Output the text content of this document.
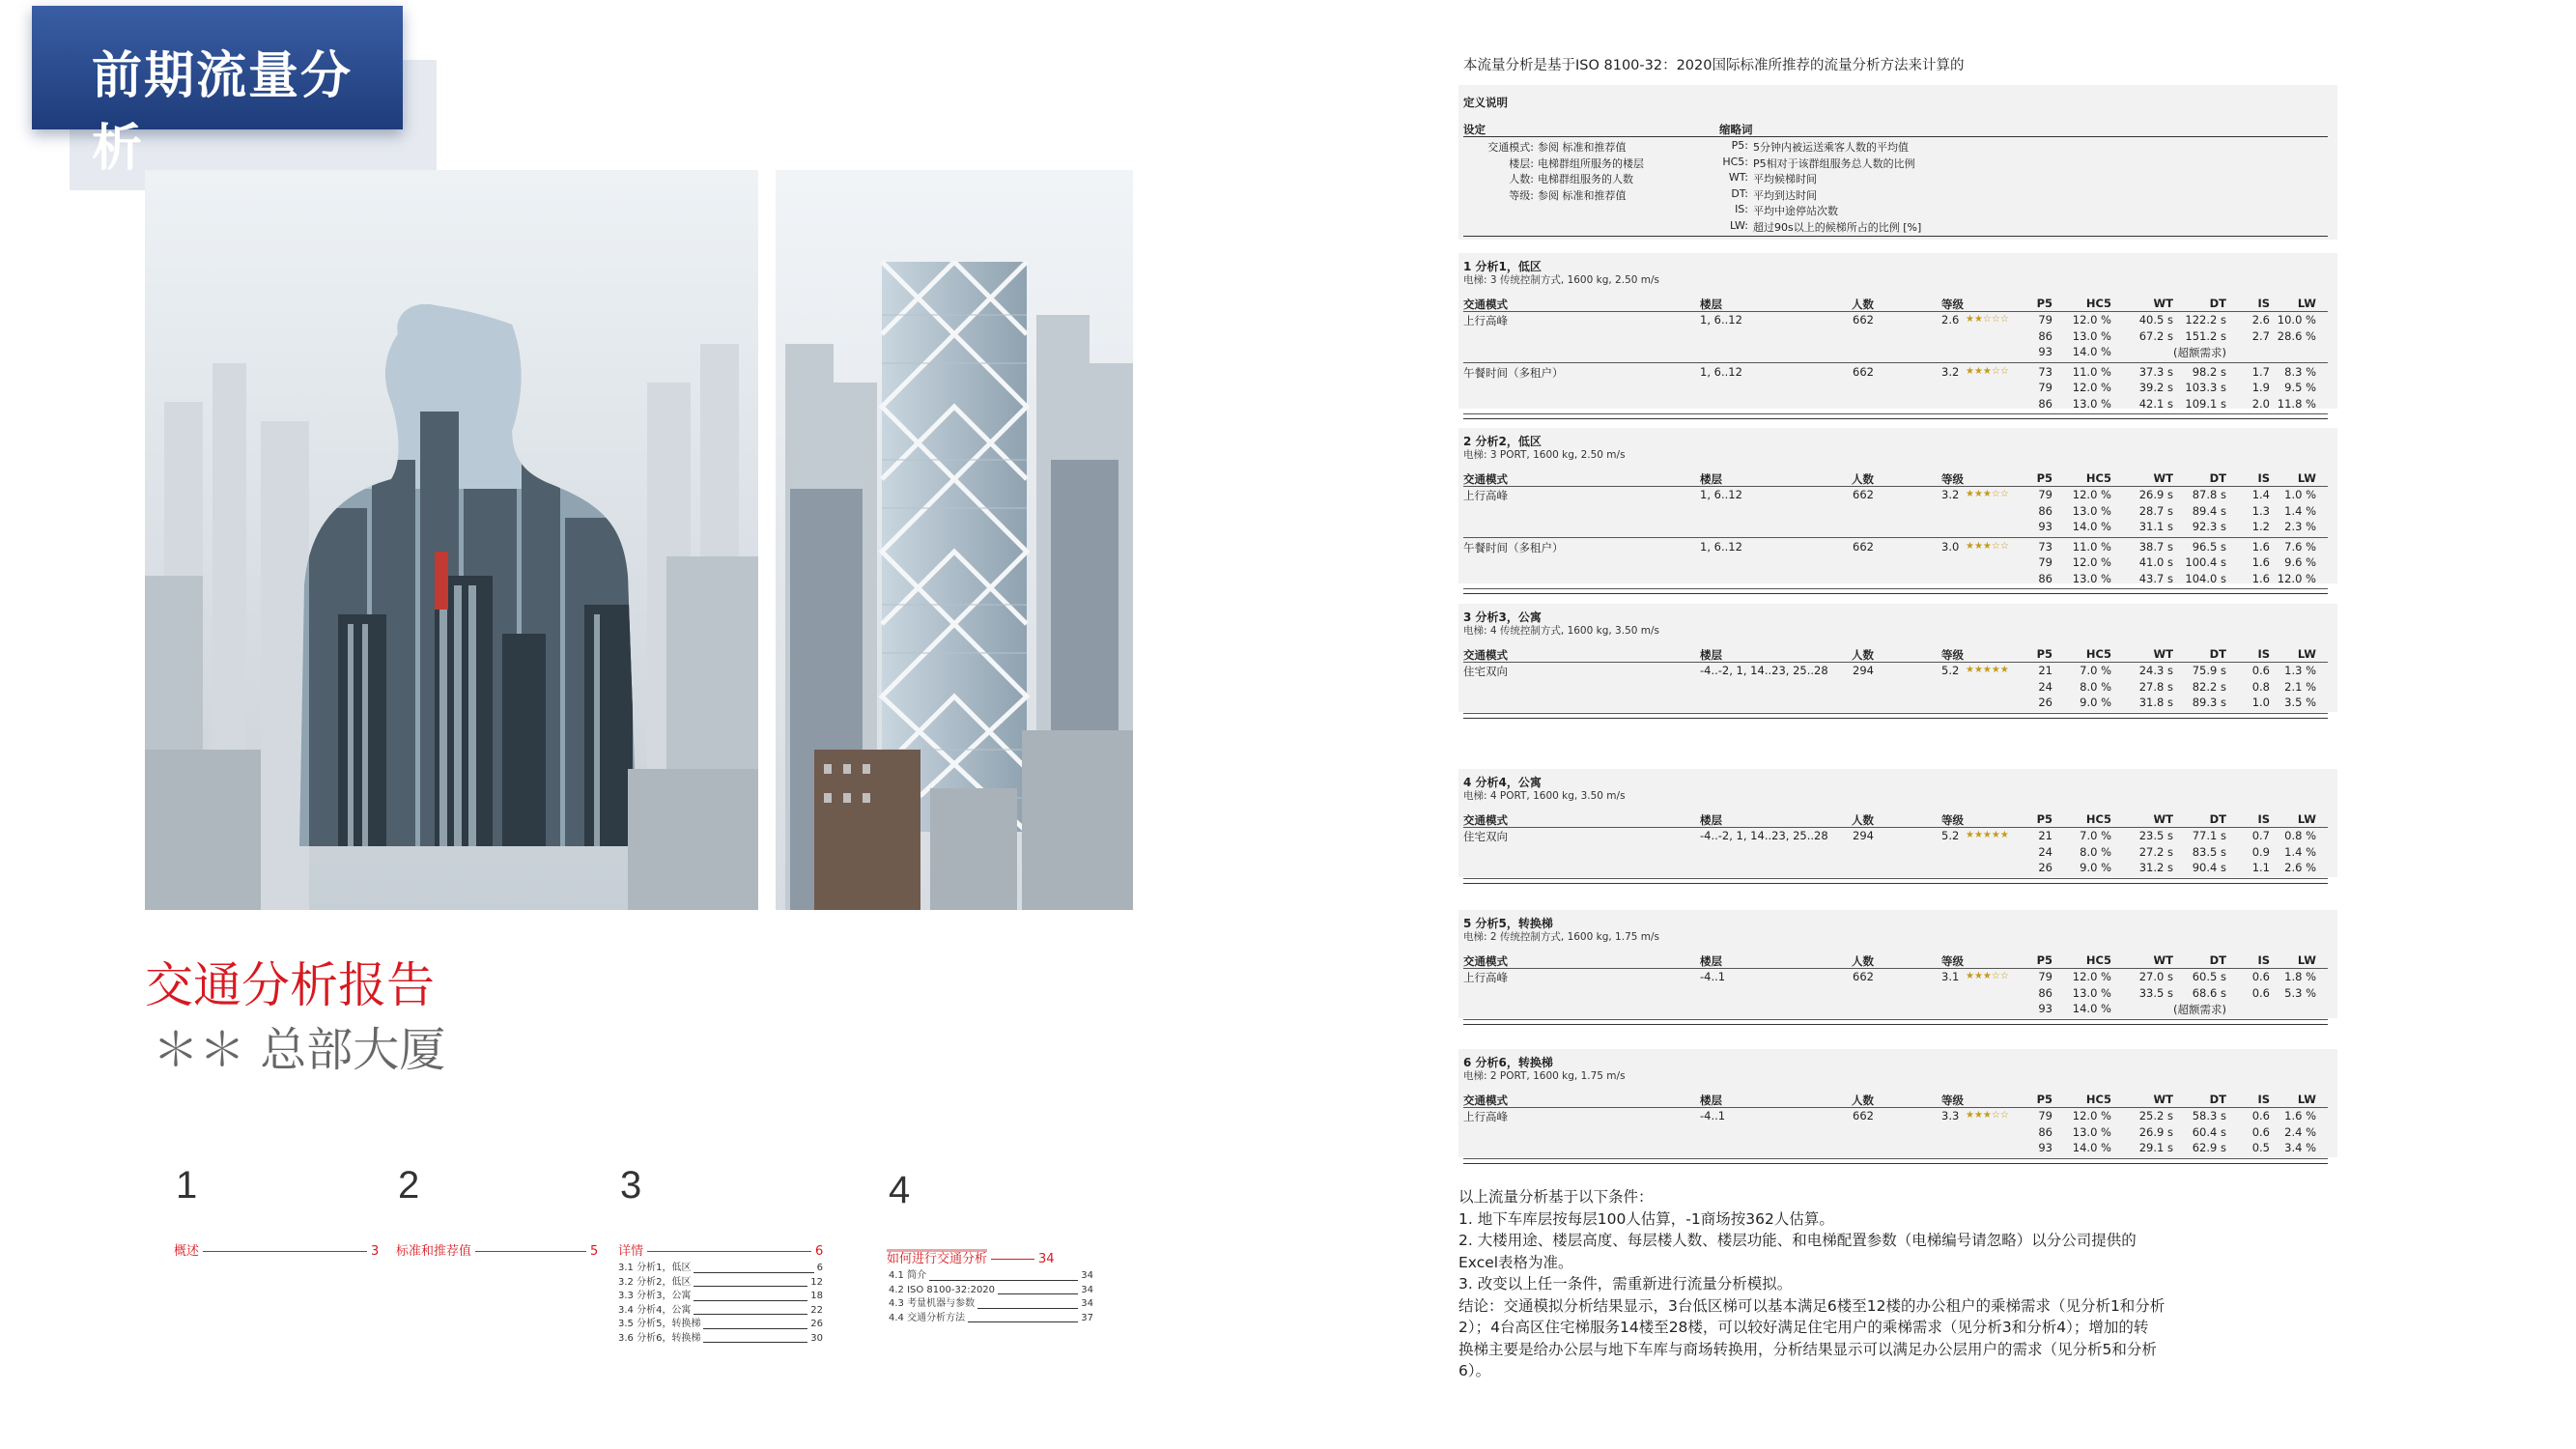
前期流量分析
交通分析报告
＊＊ 总部大厦
1
概述	3
2
标准和推荐值	5
3
详情	6
3.1 分析1，低区	6
3.2 分析2，低区	12
3.3 分析3，公寓	18
3.4 分析4，公寓	22
3.5 分析5，转换梯	26
3.6 分析6，转换梯	30
4
如何进行交通分析	34
4.1 简介	34
4.2 ISO 8100-32:2020	34
4.3 考量机器与参数	34
4.4 交通分析方法	37
本流量分析是基于ISO 8100-32：2020国际标准所推荐的流量分析方法来计算的
定义说明
设定	缩略词
交通模式: 参阅 标准和推荐值	P5: 5分钟内被运送乘客人数的平均值
楼层: 电梯群组所服务的楼层	HC5: P5相对于该群组服务总人数的比例
人数: 电梯群组服务的人数	WT: 平均候梯时间
等级: 参阅 标准和推荐值	DT: 平均到达时间
IS: 平均中途停站次数
LW: 超过90s以上的候梯所占的比例 [%]
1 分析1，低区
电梯: 3 传统控制方式, 1600 kg, 2.50 m/s
交通模式	楼层	人数	等级	P5	HC5	WT	DT	IS	LW
上行高峰	1, 6..12	662	2.6 ★★☆☆☆	79	12.0 %	40.5 s	122.2 s	2.6 10.0 %
86	13.0 %	67.2 s	151.2 s	2.7 28.6 %
93	14.0 %	(超额需求)
午餐时间（多租户）	1, 6..12	662	3.2 ★★★☆☆	73	11.0 %	37.3 s	98.2 s	1.7	8.3 %
79	12.0 %	39.2 s	103.3 s	1.9	9.5 %
86	13.0 %	42.1 s	109.1 s	2.0 11.8 %
2 分析2，低区
电梯: 3 PORT, 1600 kg, 2.50 m/s
交通模式	楼层	人数	等级	P5	HC5	WT	DT	IS	LW
上行高峰	1, 6..12	662	3.2 ★★★☆☆	79	12.0 %	26.9 s	87.8 s	1.4	1.0 %
86	13.0 %	28.7 s	89.4 s	1.3	1.4 %
93	14.0 %	31.1 s	92.3 s	1.2	2.3 %
午餐时间（多租户）	1, 6..12	662	3.0 ★★★☆☆	73	11.0 %	38.7 s	96.5 s	1.6	7.6 %
79	12.0 %	41.0 s	100.4 s	1.6	9.6 %
86	13.0 %	43.7 s	104.0 s	1.6 12.0 %
3 分析3，公寓
电梯: 4 传统控制方式, 1600 kg, 3.50 m/s
交通模式	楼层	人数	等级	P5	HC5	WT	DT	IS	LW
住宅双向	-4..-2, 1, 14..23, 25..28	294	5.2 ★★★★★	21	7.0 %	24.3 s	75.9 s	0.6	1.3 %
24	8.0 %	27.8 s	82.2 s	0.8	2.1 %
26	9.0 %	31.8 s	89.3 s	1.0	3.5 %
4 分析4，公寓
电梯: 4 PORT, 1600 kg, 3.50 m/s
交通模式	楼层	人数	等级	P5	HC5	WT	DT	IS	LW
住宅双向	-4..-2, 1, 14..23, 25..28	294	5.2 ★★★★★	21	7.0 %	23.5 s	77.1 s	0.7	0.8 %
24	8.0 %	27.2 s	83.5 s	0.9	1.4 %
26	9.0 %	31.2 s	90.4 s	1.1	2.6 %
5 分析5，转换梯
电梯: 2 传统控制方式, 1600 kg, 1.75 m/s
交通模式	楼层	人数	等级	P5	HC5	WT	DT	IS	LW
上行高峰	-4..1	662	3.1 ★★★☆☆	79	12.0 %	27.0 s	60.5 s	0.6	1.8 %
86	13.0 %	33.5 s	68.6 s	0.6	5.3 %
93	14.0 %	(超额需求)
6 分析6，转换梯
电梯: 2 PORT, 1600 kg, 1.75 m/s
交通模式	楼层	人数	等级	P5	HC5	WT	DT	IS	LW
上行高峰	-4..1	662	3.3 ★★★☆☆	79	12.0 %	25.2 s	58.3 s	0.6	1.6 %
86	13.0 %	26.9 s	60.4 s	0.6	2.4 %
93	14.0 %	29.1 s	62.9 s	0.5	3.4 %
以上流量分析基于以下条件：
1. 地下车库层按每层100人估算，-1商场按362人估算。
2. 大楼用途、楼层高度、每层楼人数、楼层功能、和电梯配置参数（电梯编号请忽略）以分公司提供的
Excel表格为准。
3. 改变以上任一条件，需重新进行流量分析模拟。
结论：交通模拟分析结果显示，3台低区梯可以基本满足6楼至12楼的办公租户的乘梯需求（见分析1和分析
2）；4台高区住宅梯服务14楼至28楼，可以较好满足住宅用户的乘梯需求（见分析3和分析4）；增加的转
换梯主要是给办公层与地下车库与商场转换用，分析结果显示可以满足办公层用户的需求（见分析5和分析
6）。
